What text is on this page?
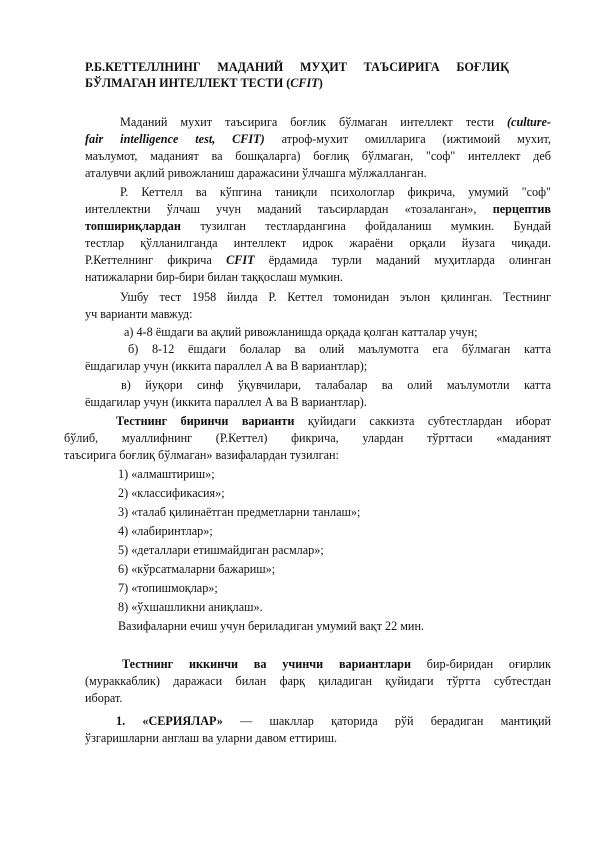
Р.Б.КЕТТЕЛЛНИНГ МАДАНИЙ МУҲИТ ТАЪСИРИГА БОҒЛИҚ
БЎЛМАГАН ИНТЕЛЛЕКТ ТЕСТИ (CFIT)
Маданий мухит таъсирига боғлик бўлмаган интеллект тести (culture-
fair intelligence test, CFIT) атроф-мухит омилларига (ижтимоий мухит,
маълумот, маданият ва бошқаларга) боғлиқ бўлмаган, "соф" интеллект деб
аталувчи ақлий ривожланиш даражасини ўлчашга мўлжалланган.
Р. Кеттелл ва кўпгина таниқли психологлар фикрича, умумий "соф"
интеллектни ўлчаш учун маданий таъсирлардан «тозаланган», перцептив
топшириқлардан тузилган тестлардангина фойдаланиш мумкин. Бундай
тестлар қўлланилганда интеллект идрок жараёни орқали йузага чиқади.
Р.Кеттелнинг фикрича CFIT ёрдамида турли маданий муҳитларда олинган
натижаларни бир-бири билан таққослаш мумкин.
Ушбу тест 1958 йилда Р. Кеттел томонидан эълон қилинган. Тестнинг
уч варианти мавжуд:
а) 4-8 ёшдаги ва ақлий ривожланишда орқада қолган катталар учун;
б) 8-12 ёшдаги болалар ва олий маълумотга ега бўлмаган катта
ёшдагилар учун (иккита параллел А ва В вариантлар);
в) йуқори синф ўқувчилари, талабалар ва олий маълумотли катта
ёшдагилар учун (иккита параллел А ва В вариантлар).
Тестнинг биринчи варианти қуйидаги саккизта субтестлардан иборат
бўлиб, муаллифнинг (Р.Кеттел) фикрича, улардан тўрттаси «маданият
таъсирига боғлиқ бўлмаган» вазифалардан тузилган:
1) «алмаштириш»;
2) «классификасия»;
3) «талаб қилинаётган предметларни танлаш»;
4) «лабиринтлар»;
5) «деталлари етишмайдиган расмлар»;
6) «кўрсатмаларни бажариш»;
7) «топишмоқлар»;
8) «ўхшашликни аниқлаш».
Вазифаларни ечиш учун бериладиган умумий вақт 22 мин.
Тестнинг иккинчи ва учинчи вариантлари бир-биридан оғирлик
(мураккаблик) даражаси билан фарқ қиладиган қуйидаги тўртта субтестдан
иборат.
1. «СЕРИЯЛАР» — шакллар қаторида рўй берадиган мантиқий
ўзгаришларни англаш ва уларни давом еттириш.
